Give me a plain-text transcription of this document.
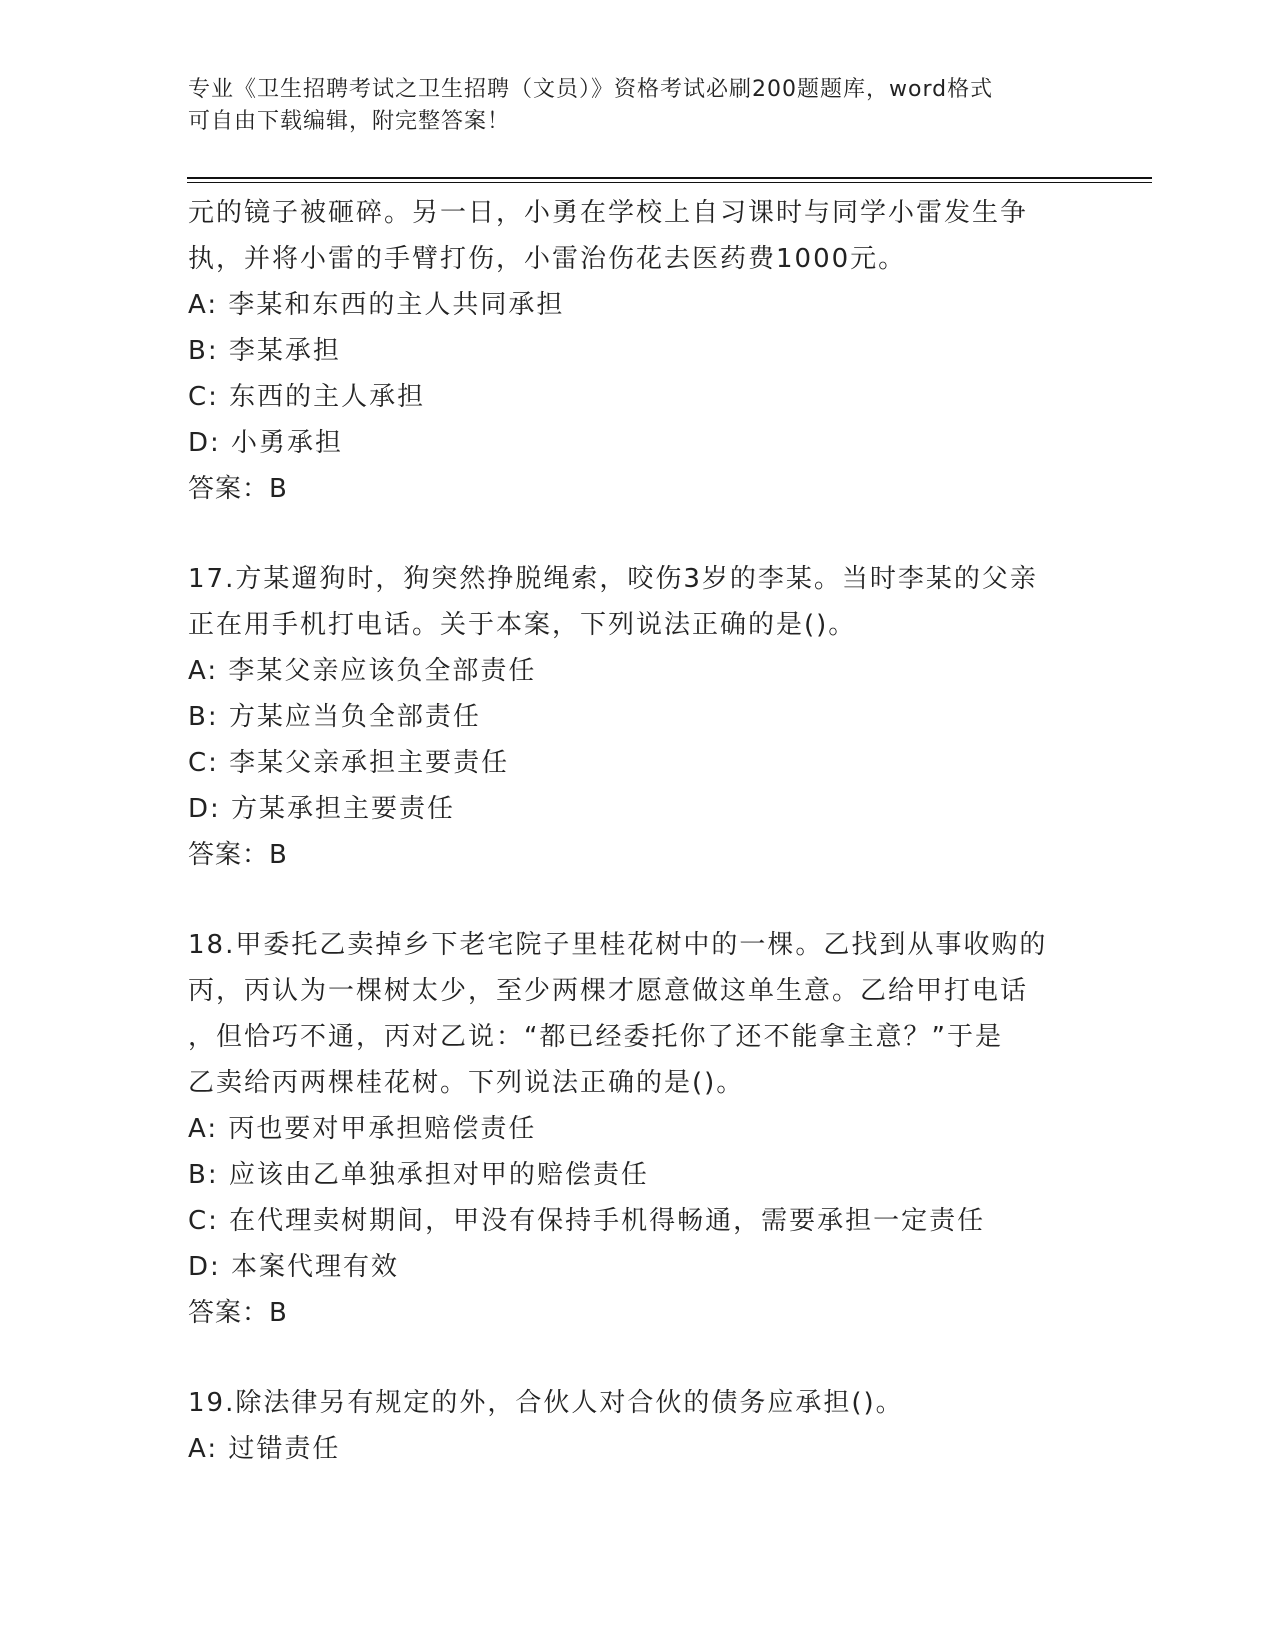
专业《卫生招聘考试之卫生招聘（文员）》资格考试必刷200题题库，word格式
可自由下载编辑，附完整答案！
元的镜子被砸碎。另一日，小勇在学校上自习课时与同学小雷发生争
执，并将小雷的手臂打伤，小雷治伤花去医药费1000元。
A: 李某和东西的主人共同承担
B: 李某承担
C: 东西的主人承担
D: 小勇承担
答案：B
17.方某遛狗时，狗突然挣脱绳索，咬伤3岁的李某。当时李某的父亲
正在用手机打电话。关于本案，下列说法正确的是()。
A: 李某父亲应该负全部责任
B: 方某应当负全部责任
C: 李某父亲承担主要责任
D: 方某承担主要责任
答案：B
18.甲委托乙卖掉乡下老宅院子里桂花树中的一棵。乙找到从事收购的
丙，丙认为一棵树太少，至少两棵才愿意做这单生意。乙给甲打电话
，但恰巧不通，丙对乙说：“都已经委托你了还不能拿主意？”于是
乙卖给丙两棵桂花树。下列说法正确的是()。
A: 丙也要对甲承担赔偿责任
B: 应该由乙单独承担对甲的赔偿责任
C: 在代理卖树期间，甲没有保持手机得畅通，需要承担一定责任
D: 本案代理有效
答案：B
19.除法律另有规定的外，合伙人对合伙的债务应承担()。
A: 过错责任
